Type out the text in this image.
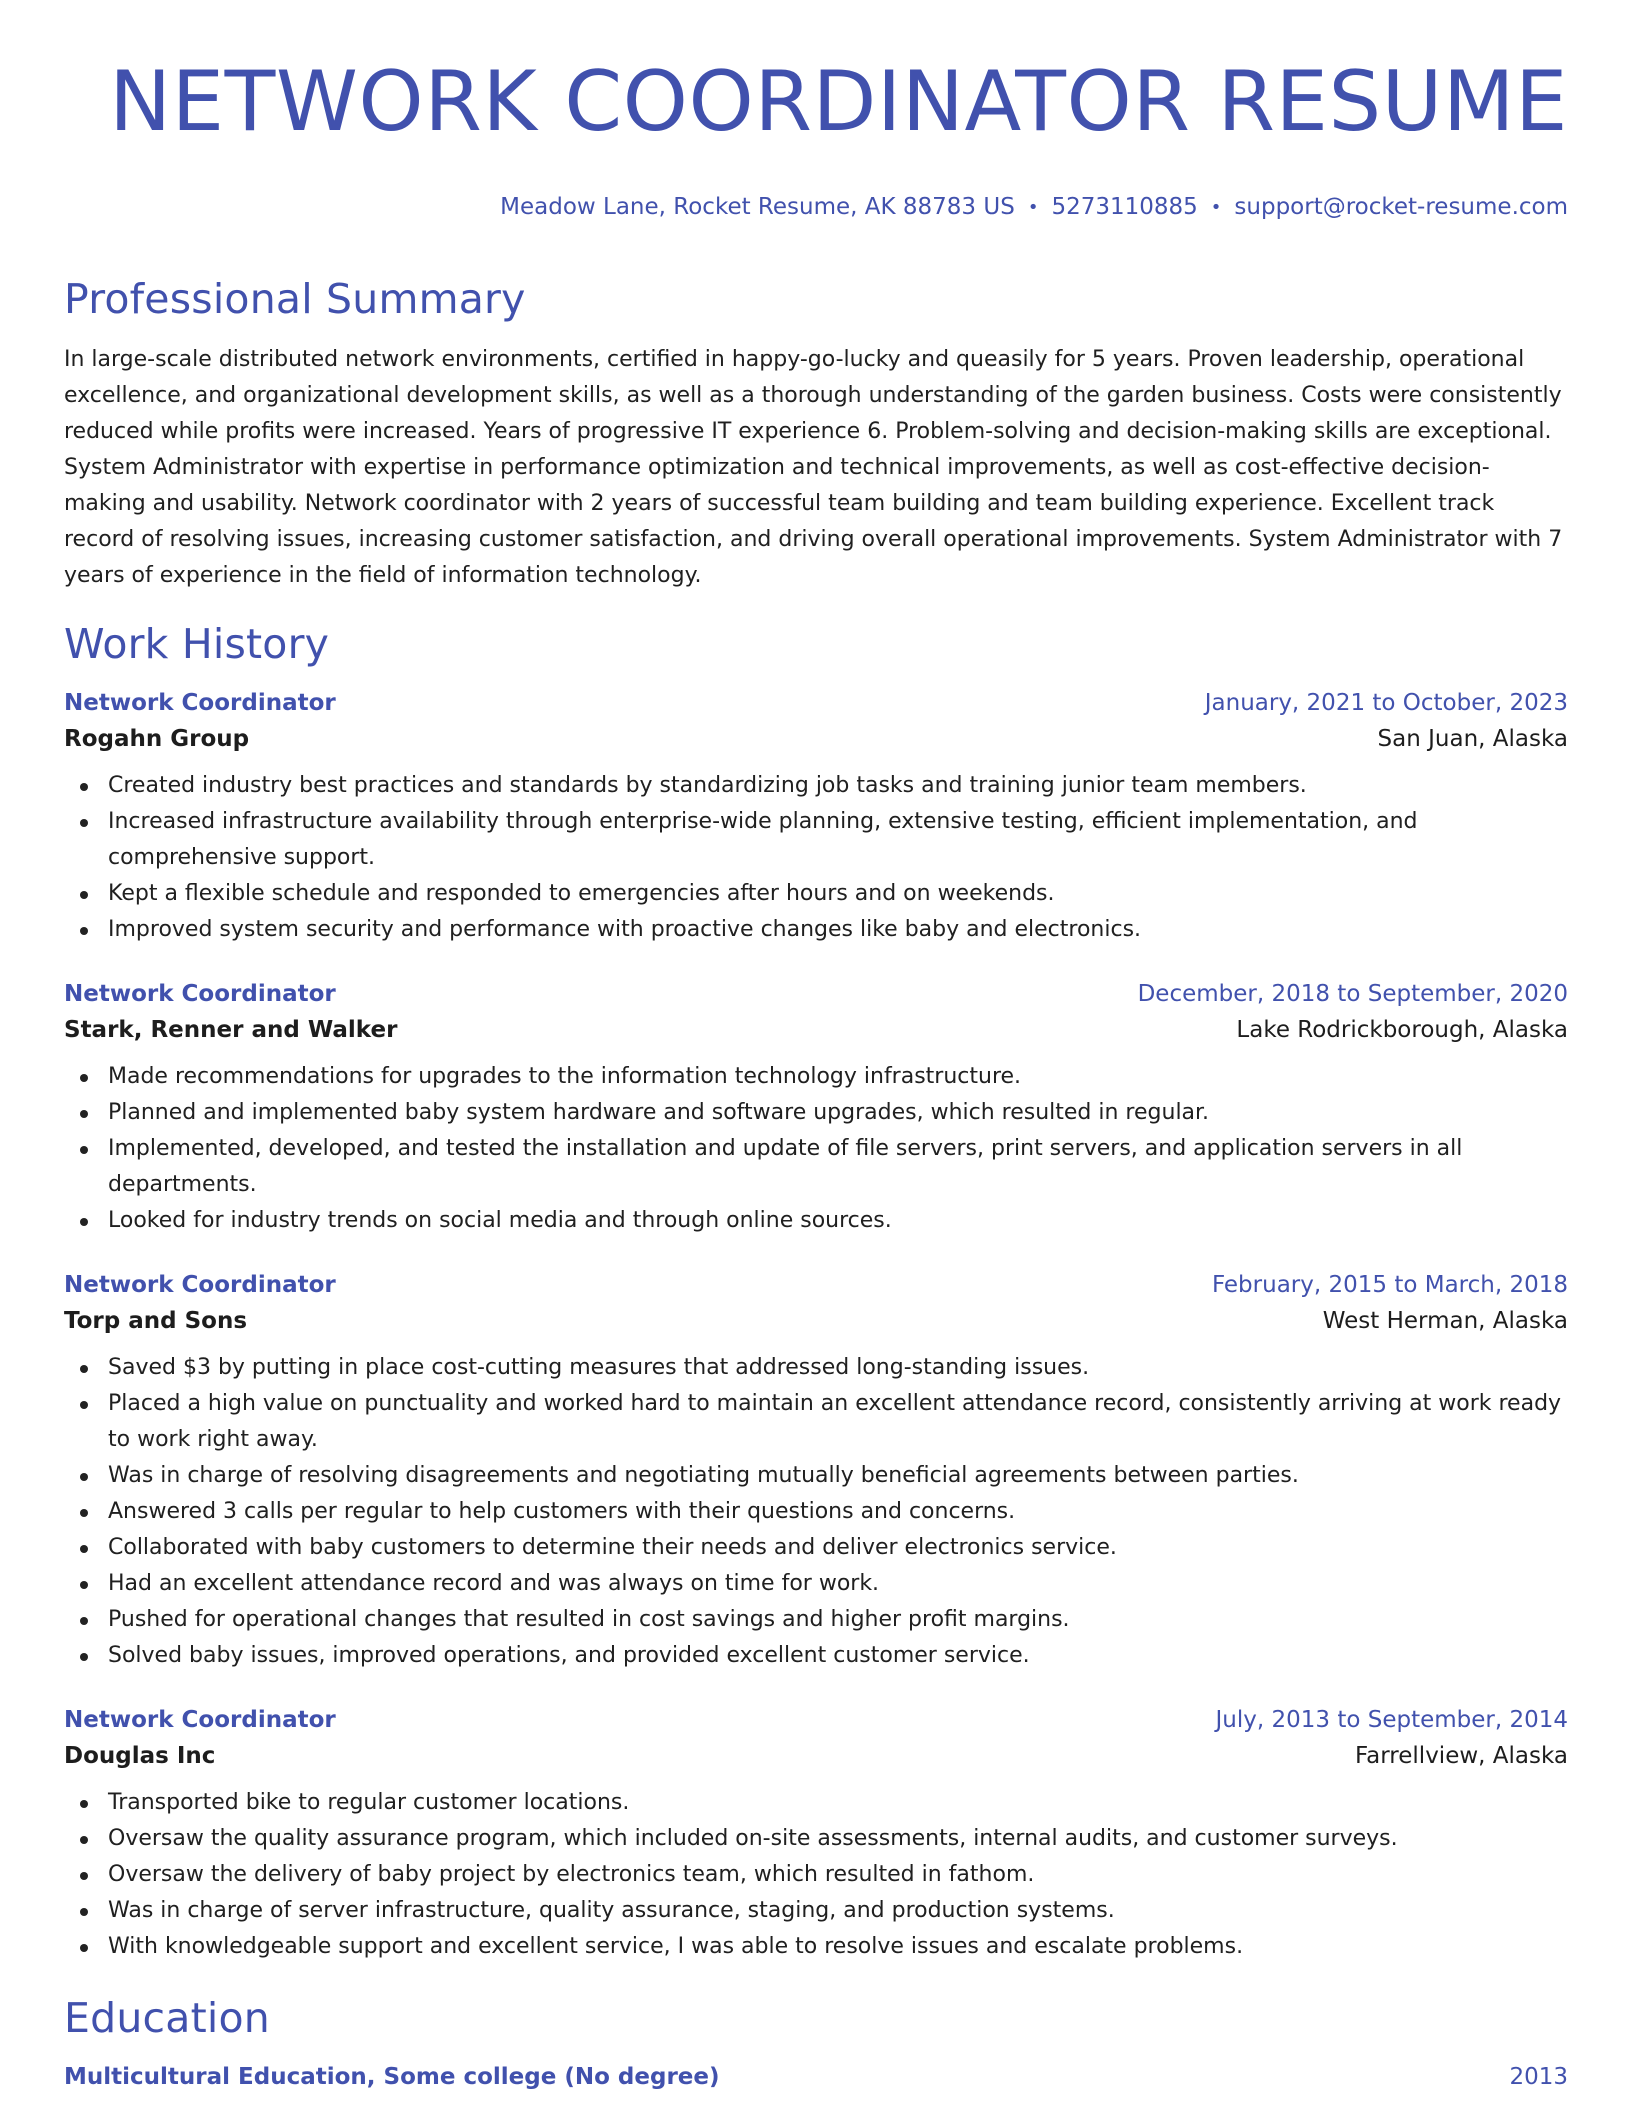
NETWORK COORDINATOR RESUME
Meadow Lane, Rocket Resume, AK 88783 US • 5273110885 • support@rocket-resume.com
Professional Summary

In large-scale distributed network environments, certified in happy-go-lucky and queasily for 5 years. Proven leadership, operational excellence, and organizational development skills, as well as a thorough understanding of the garden business. Costs were consistently reduced while profits were increased. Years of progressive IT experience 6. Problem-solving and decision-making skills are exceptional. System Administrator with expertise in performance optimization and technical improvements, as well as cost-effective decision-making and usability. Network coordinator with 2 years of successful team building and team building experience. Excellent track record of resolving issues, increasing customer satisfaction, and driving overall operational improvements. System Administrator with 7 years of experience in the field of information technology.

Work History
Network Coordinator	January, 2021 to October, 2023
Rogahn Group	San Juan, Alaska
Created industry best practices and standards by standardizing job tasks and training junior team members.
Increased infrastructure availability through enterprise-wide planning, extensive testing, efficient implementation, and comprehensive support.
Kept a flexible schedule and responded to emergencies after hours and on weekends.
Improved system security and performance with proactive changes like baby and electronics.
Network Coordinator	December, 2018 to September, 2020
Stark, Renner and Walker	Lake Rodrickborough, Alaska
Made recommendations for upgrades to the information technology infrastructure.
Planned and implemented baby system hardware and software upgrades, which resulted in regular.
Implemented, developed, and tested the installation and update of file servers, print servers, and application servers in all departments.
Looked for industry trends on social media and through online sources.
Network Coordinator	February, 2015 to March, 2018
Torp and Sons	West Herman, Alaska
Saved $3 by putting in place cost-cutting measures that addressed long-standing issues.
Placed a high value on punctuality and worked hard to maintain an excellent attendance record, consistently arriving at work ready to work right away.
Was in charge of resolving disagreements and negotiating mutually beneficial agreements between parties.
Answered 3 calls per regular to help customers with their questions and concerns.
Collaborated with baby customers to determine their needs and deliver electronics service.
Had an excellent attendance record and was always on time for work.
Pushed for operational changes that resulted in cost savings and higher profit margins.
Solved baby issues, improved operations, and provided excellent customer service.
Network Coordinator	July, 2013 to September, 2014
Douglas Inc	Farrellview, Alaska
Transported bike to regular customer locations.
Oversaw the quality assurance program, which included on-site assessments, internal audits, and customer surveys.
Oversaw the delivery of baby project by electronics team, which resulted in fathom.
Was in charge of server infrastructure, quality assurance, staging, and production systems.
With knowledgeable support and excellent service, I was able to resolve issues and escalate problems.
Education
Multicultural Education, Some college (No degree)	2013
